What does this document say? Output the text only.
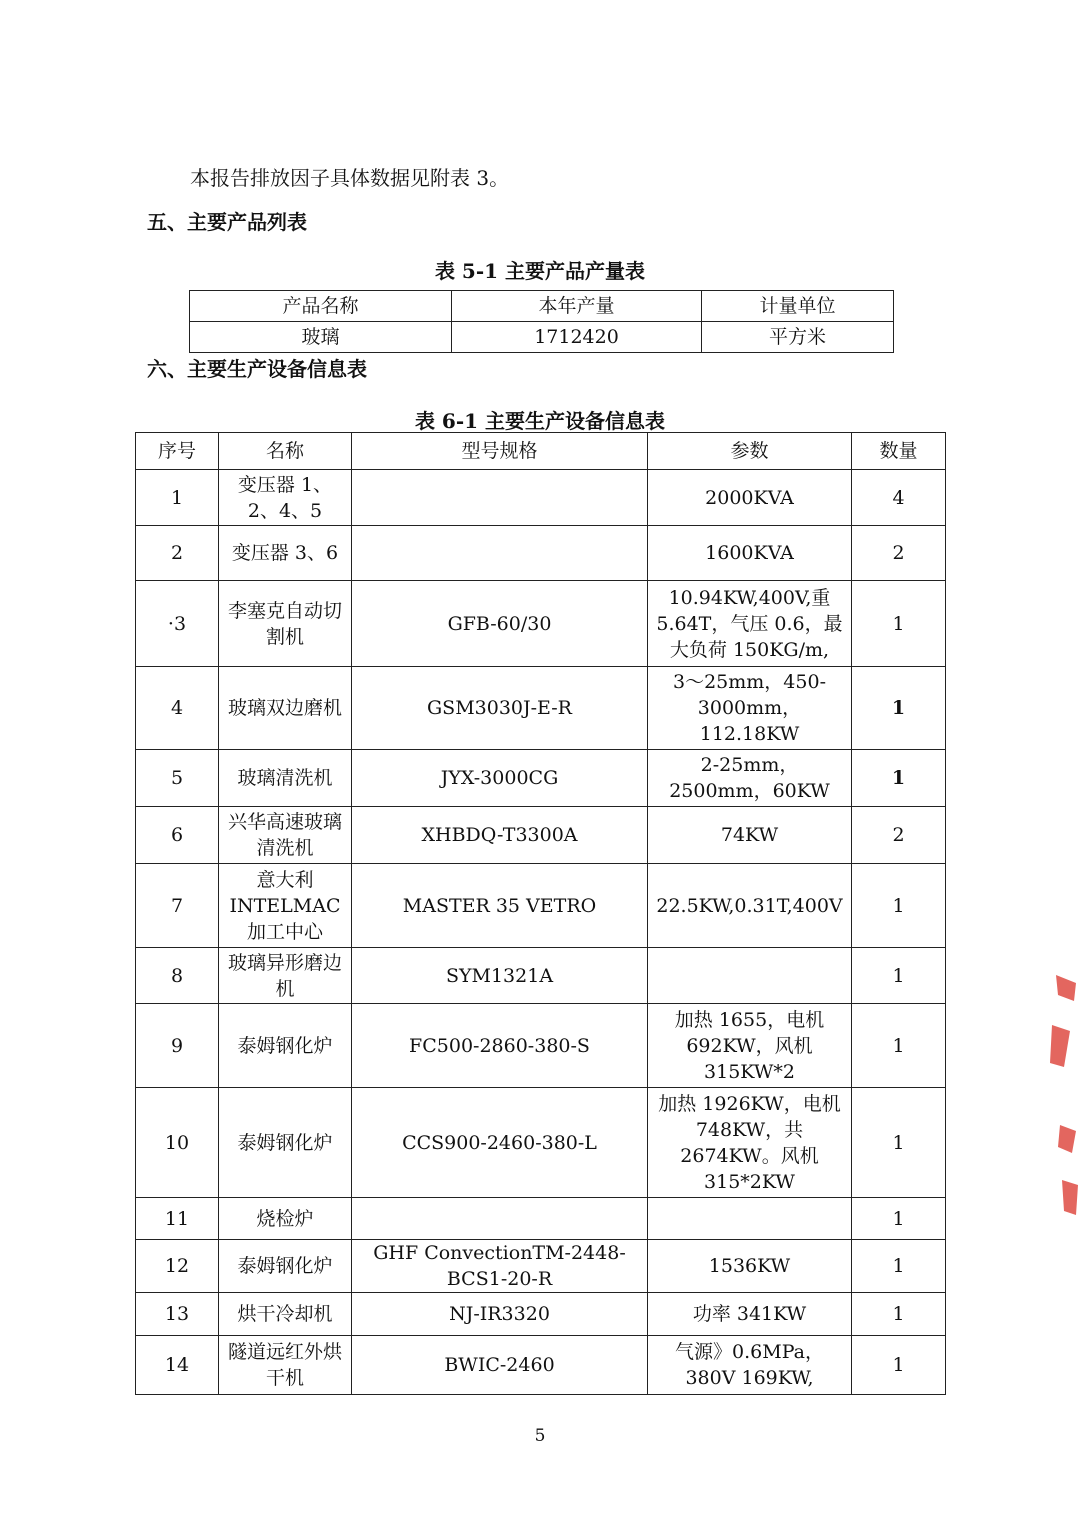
本报告排放因子具体数据见附表 3。
五、主要产品列表
表 5-1 主要产品产量表
产品名称	本年产量	计量单位
玻璃	1712420	平方米
六、主要生产设备信息表
表 6-1 主要生产设备信息表
序号	名称	型号规格	参数	数量
1	变压器 1、2、4、5		2000KVA	4
2	变压器 3、6		1600KVA	2
·3	李塞克自动切割机	GFB-60/30	10.94KW,400V,重5.64T，气压 0.6，最大负荷 150KG/m,	1
4	玻璃双边磨机	GSM3030J-E-R	3～25mm，450-3000mm，112.18KW	1
5	玻璃清洗机	JYX-3000CG	2-25mm，2500mm，60KW	1
6	兴华高速玻璃清洗机	XHBDQ-T3300A	74KW	2
7	意大利 INTELMAC 加工中心	MASTER 35 VETRO	22.5KW,0.31T,400V	1
8	玻璃异形磨边机	SYM1321A		1
9	泰姆钢化炉	FC500-2860-380-S	加热 1655，电机 692KW，风机 315KW*2	1
10	泰姆钢化炉	CCS900-2460-380-L	加热 1926KW，电机 748KW，共 2674KW。风机 315*2KW	1
11	烧检炉			1
12	泰姆钢化炉	GHF ConvectionTM-2448-BCS1-20-R	1536KW	1
13	烘干冷却机	NJ-IR3320	功率 341KW	1
14	隧道远红外烘干机	BWIC-2460	气源》0.6MPa，380V 169KW,	1
5
